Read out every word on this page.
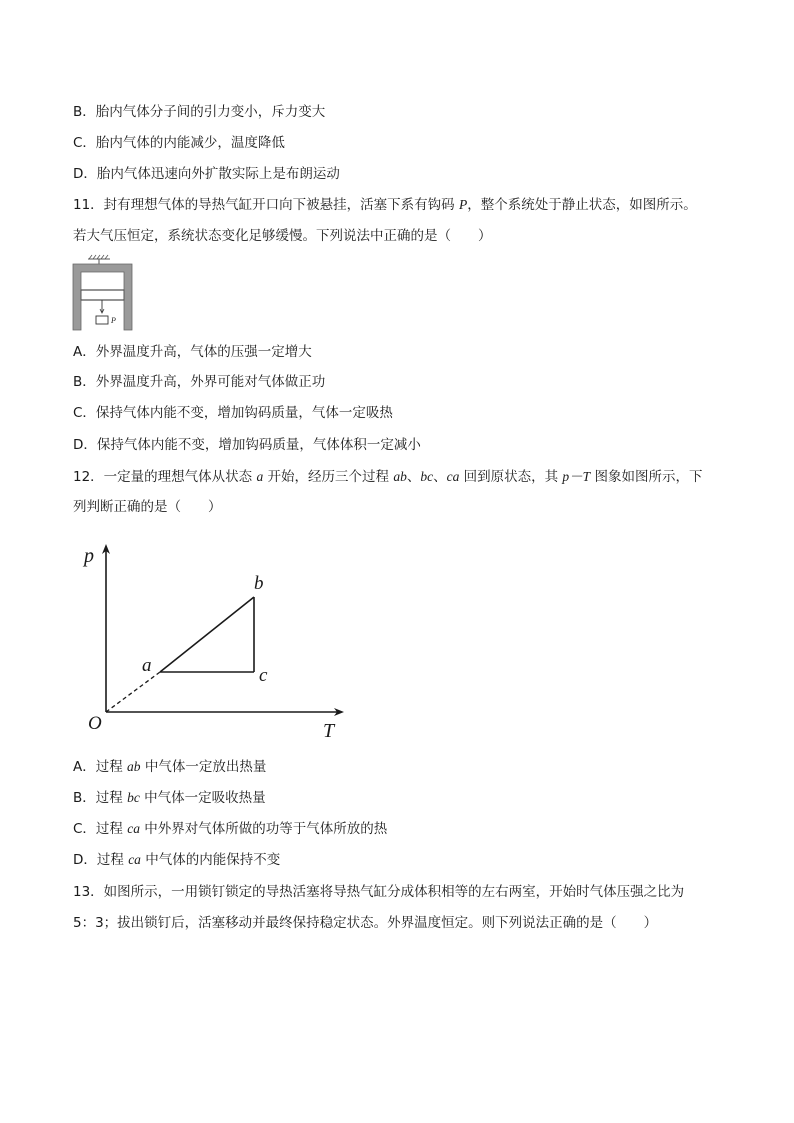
B．胎内气体分子间的引力变小，斥力变大
C．胎内气体的内能减少，温度降低
D．胎内气体迅速向外扩散实际上是布朗运动
11．封有理想气体的导热气缸开口向下被悬挂，活塞下系有钩码 P，整个系统处于静止状态，如图所示。
若大气压恒定，系统状态变化足够缓慢。下列说法中正确的是（　　）
P
A．外界温度升高，气体的压强一定增大
B．外界温度升高，外界可能对气体做正功
C．保持气体内能不变，增加钩码质量，气体一定吸热
D．保持气体内能不变，增加钩码质量，气体体积一定减小
12．一定量的理想气体从状态 a 开始，经历三个过程 ab、bc、ca 回到原状态，其 p－T 图象如图所示，下
列判断正确的是（　　）
p
T
O
a
b
c
A．过程 ab 中气体一定放出热量
B．过程 bc 中气体一定吸收热量
C．过程 ca 中外界对气体所做的功等于气体所放的热
D．过程 ca 中气体的内能保持不变
13．如图所示，一用锁钉锁定的导热活塞将导热气缸分成体积相等的左右两室，开始时气体压强之比为
5：3；拔出锁钉后，活塞移动并最终保持稳定状态。外界温度恒定。则下列说法正确的是（　　）
